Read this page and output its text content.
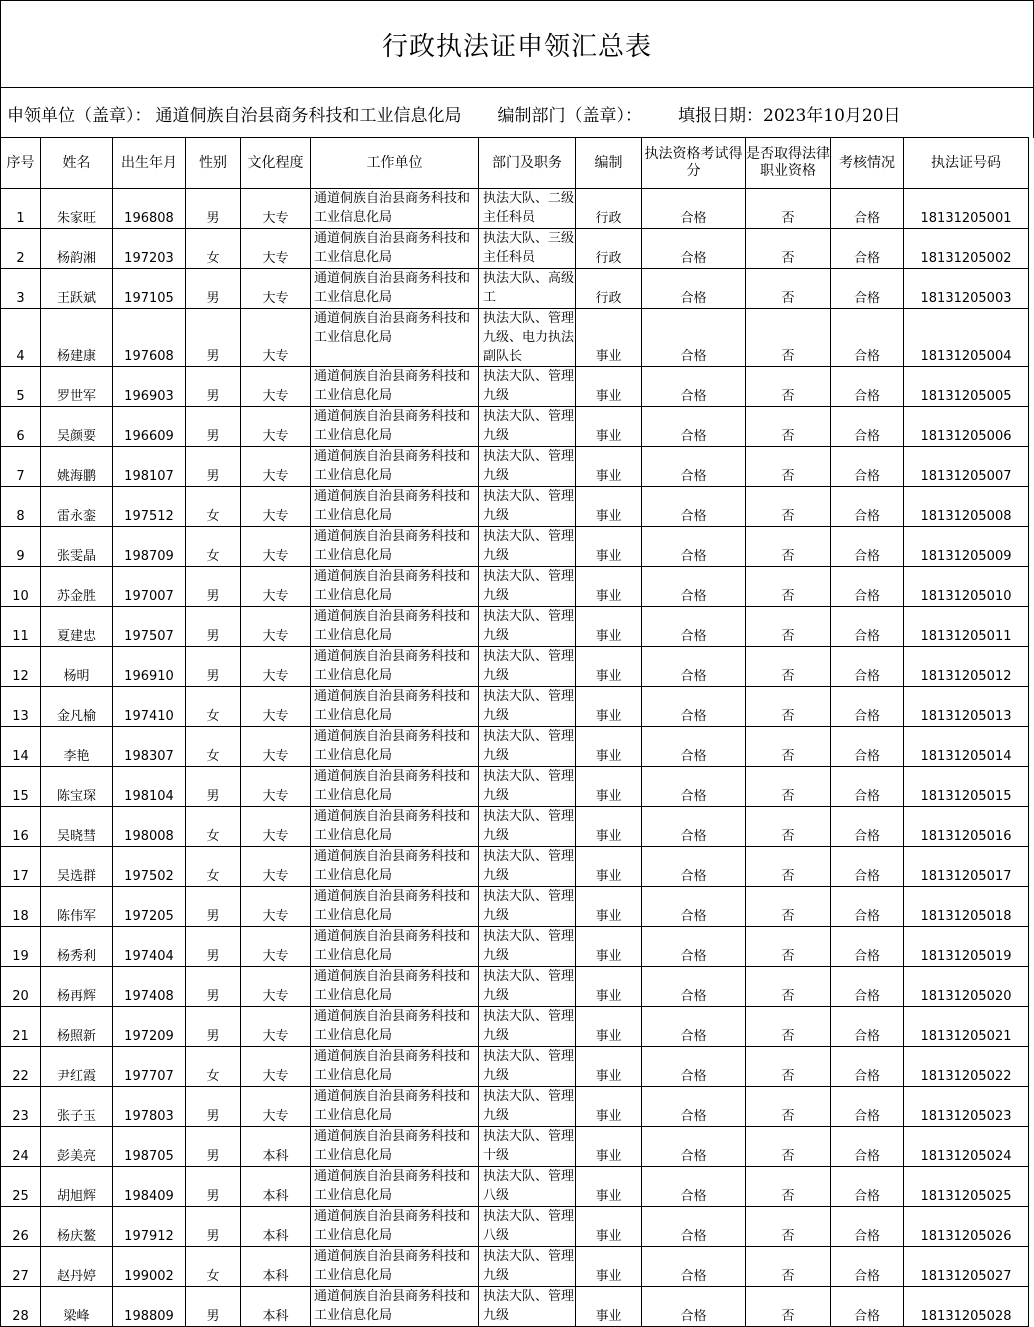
行政执法证申领汇总表
申领单位（盖章）： 通道侗族自治县商务科技和工业信息化局 编制部门（盖章）： 填报日期： 2023年10月20日
序号	姓名	出生年月	性别	文化程度	工作单位	部门及职务	编制	执法资格考试得分	是否取得法律职业资格	考核情况	执法证号码
1	朱家旺	196808	男	大专	通道侗族自治县商务科技和工业信息化局	执法大队、二级主任科员	行政	合格	否	合格	18131205001
2	杨韵湘	197203	女	大专	通道侗族自治县商务科技和工业信息化局	执法大队、三级主任科员	行政	合格	否	合格	18131205002
3	王跃斌	197105	男	大专	通道侗族自治县商务科技和工业信息化局	执法大队、高级工	行政	合格	否	合格	18131205003
4	杨建康	197608	男	大专	通道侗族自治县商务科技和工业信息化局	执法大队、管理九级、电力执法副队长	事业	合格	否	合格	18131205004
5	罗世军	196903	男	大专	通道侗族自治县商务科技和工业信息化局	执法大队、管理九级	事业	合格	否	合格	18131205005
6	吴颜要	196609	男	大专	通道侗族自治县商务科技和工业信息化局	执法大队、管理九级	事业	合格	否	合格	18131205006
7	姚海鹏	198107	男	大专	通道侗族自治县商务科技和工业信息化局	执法大队、管理九级	事业	合格	否	合格	18131205007
8	雷永銮	197512	女	大专	通道侗族自治县商务科技和工业信息化局	执法大队、管理九级	事业	合格	否	合格	18131205008
9	张雯晶	198709	女	大专	通道侗族自治县商务科技和工业信息化局	执法大队、管理九级	事业	合格	否	合格	18131205009
10	苏金胜	197007	男	大专	通道侗族自治县商务科技和工业信息化局	执法大队、管理九级	事业	合格	否	合格	18131205010
11	夏建忠	197507	男	大专	通道侗族自治县商务科技和工业信息化局	执法大队、管理九级	事业	合格	否	合格	18131205011
12	杨明	196910	男	大专	通道侗族自治县商务科技和工业信息化局	执法大队、管理九级	事业	合格	否	合格	18131205012
13	金凡榆	197410	女	大专	通道侗族自治县商务科技和工业信息化局	执法大队、管理九级	事业	合格	否	合格	18131205013
14	李艳	198307	女	大专	通道侗族自治县商务科技和工业信息化局	执法大队、管理九级	事业	合格	否	合格	18131205014
15	陈宝琛	198104	男	大专	通道侗族自治县商务科技和工业信息化局	执法大队、管理九级	事业	合格	否	合格	18131205015
16	吴晓彗	198008	女	大专	通道侗族自治县商务科技和工业信息化局	执法大队、管理九级	事业	合格	否	合格	18131205016
17	吴选群	197502	女	大专	通道侗族自治县商务科技和工业信息化局	执法大队、管理九级	事业	合格	否	合格	18131205017
18	陈伟军	197205	男	大专	通道侗族自治县商务科技和工业信息化局	执法大队、管理九级	事业	合格	否	合格	18131205018
19	杨秀利	197404	男	大专	通道侗族自治县商务科技和工业信息化局	执法大队、管理九级	事业	合格	否	合格	18131205019
20	杨再辉	197408	男	大专	通道侗族自治县商务科技和工业信息化局	执法大队、管理九级	事业	合格	否	合格	18131205020
21	杨照新	197209	男	大专	通道侗族自治县商务科技和工业信息化局	执法大队、管理九级	事业	合格	否	合格	18131205021
22	尹红霞	197707	女	大专	通道侗族自治县商务科技和工业信息化局	执法大队、管理九级	事业	合格	否	合格	18131205022
23	张子玉	197803	男	大专	通道侗族自治县商务科技和工业信息化局	执法大队、管理九级	事业	合格	否	合格	18131205023
24	彭美亮	198705	男	本科	通道侗族自治县商务科技和工业信息化局	执法大队、管理十级	事业	合格	否	合格	18131205024
25	胡旭辉	198409	男	本科	通道侗族自治县商务科技和工业信息化局	执法大队、管理八级	事业	合格	否	合格	18131205025
26	杨庆鳌	197912	男	本科	通道侗族自治县商务科技和工业信息化局	执法大队、管理八级	事业	合格	否	合格	18131205026
27	赵丹婷	199002	女	本科	通道侗族自治县商务科技和工业信息化局	执法大队、管理九级	事业	合格	否	合格	18131205027
28	梁峰	198809	男	本科	通道侗族自治县商务科技和工业信息化局	执法大队、管理九级	事业	合格	否	合格	18131205028
